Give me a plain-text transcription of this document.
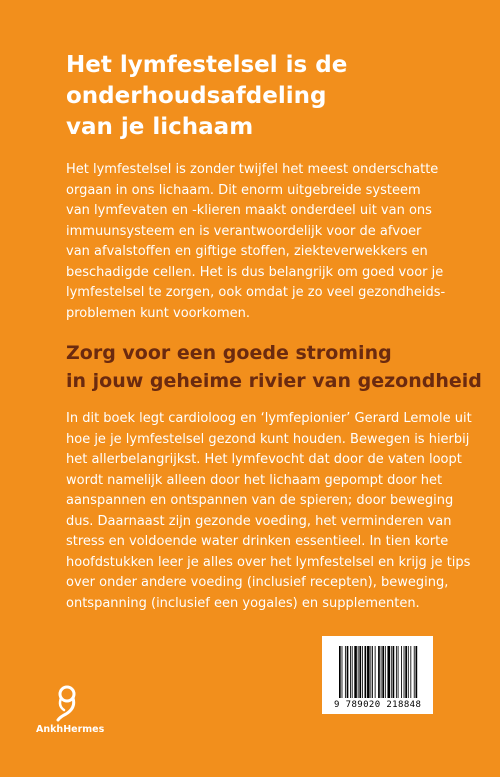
Het lymfestelsel is de
onderhoudsafdeling
van je lichaam

Het lymfestelsel is zonder twijfel het meest onderschatte
orgaan in ons lichaam. Dit enorm uitgebreide systeem
van lymfevaten en -klieren maakt onderdeel uit van ons
immuunsysteem en is verantwoordelijk voor de afvoer
van afvalstoffen en giftige stoffen, ziekteverwekkers en
beschadigde cellen. Het is dus belangrijk om goed voor je
lymfestelsel te zorgen, ook omdat je zo veel gezondheids-
problemen kunt voorkomen.

Zorg voor een goede stroming
in jouw geheime rivier van gezondheid

In dit boek legt cardioloog en ‘lymfepionier’ Gerard Lemole uit
hoe je je lymfestelsel gezond kunt houden. Bewegen is hierbij
het allerbelangrijkst. Het lymfevocht dat door de vaten loopt
wordt namelijk alleen door het lichaam gepompt door het
aanspannen en ontspannen van de spieren; door beweging
dus. Daarnaast zijn gezonde voeding, het verminderen van
stress en voldoende water drinken essentieel. In tien korte
hoofdstukken leer je alles over het lymfestelsel en krijg je tips
over onder andere voeding (inclusief recepten), beweging,
ontspanning (inclusief een yogales) en supplementen.

AnkhHermes
9 789020 218848
